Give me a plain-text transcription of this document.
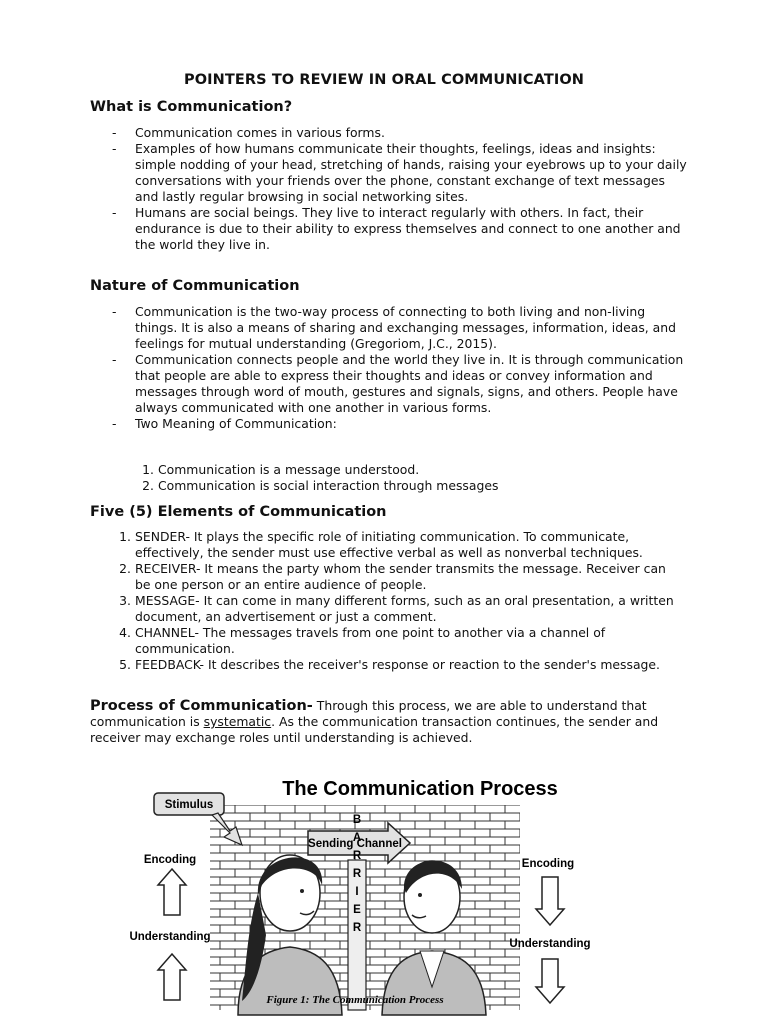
POINTERS TO REVIEW IN ORAL COMMUNICATION
What is Communication?
- Communication comes in various forms.
- Examples of how humans communicate their thoughts, feelings, ideas and insights: simple nodding of your head, stretching of hands, raising your eyebrows up to your daily conversations with your friends over the phone, constant exchange of text messages and lastly regular browsing in social networking sites.
- Humans are social beings. They live to interact regularly with others. In fact, their endurance is due to their ability to express themselves and connect to one another and the world they live in.
Nature of Communication
- Communication is the two-way process of connecting to both living and non-living things. It is also a means of sharing and exchanging messages, information, ideas, and feelings for mutual understanding (Gregoriom, J.C., 2015).
- Communication connects people and the world they live in. It is through communication that people are able to express their thoughts and ideas or convey information and messages through word of mouth, gestures and signals, signs, and others. People have always communicated with one another in various forms.
- Two Meaning of Communication:
1. Communication is a message understood.
2. Communication is social interaction through messages
Five (5) Elements of Communication
1. SENDER- It plays the specific role of initiating communication. To communicate, effectively, the sender must use effective verbal as well as nonverbal techniques.
2. RECEIVER- It means the party whom the sender transmits the message. Receiver can be one person or an entire audience of people.
3. MESSAGE- It can come in many different forms, such as an oral presentation, a written document, an advertisement or just a comment.
4. CHANNEL- The messages travels from one point to another via a channel of communication.
5. FEEDBACK- It describes the receiver's response or reaction to the sender's message.
Process of Communication- Through this process, we are able to understand that communication is systematic. As the communication transaction continues, the sender and receiver may exchange roles until understanding is achieved.
The Communication Process
Stimulus
Sending Channel
BARRIER
Encoding
Understanding
Encoding
Understanding
Figure 1: The Communication Process
